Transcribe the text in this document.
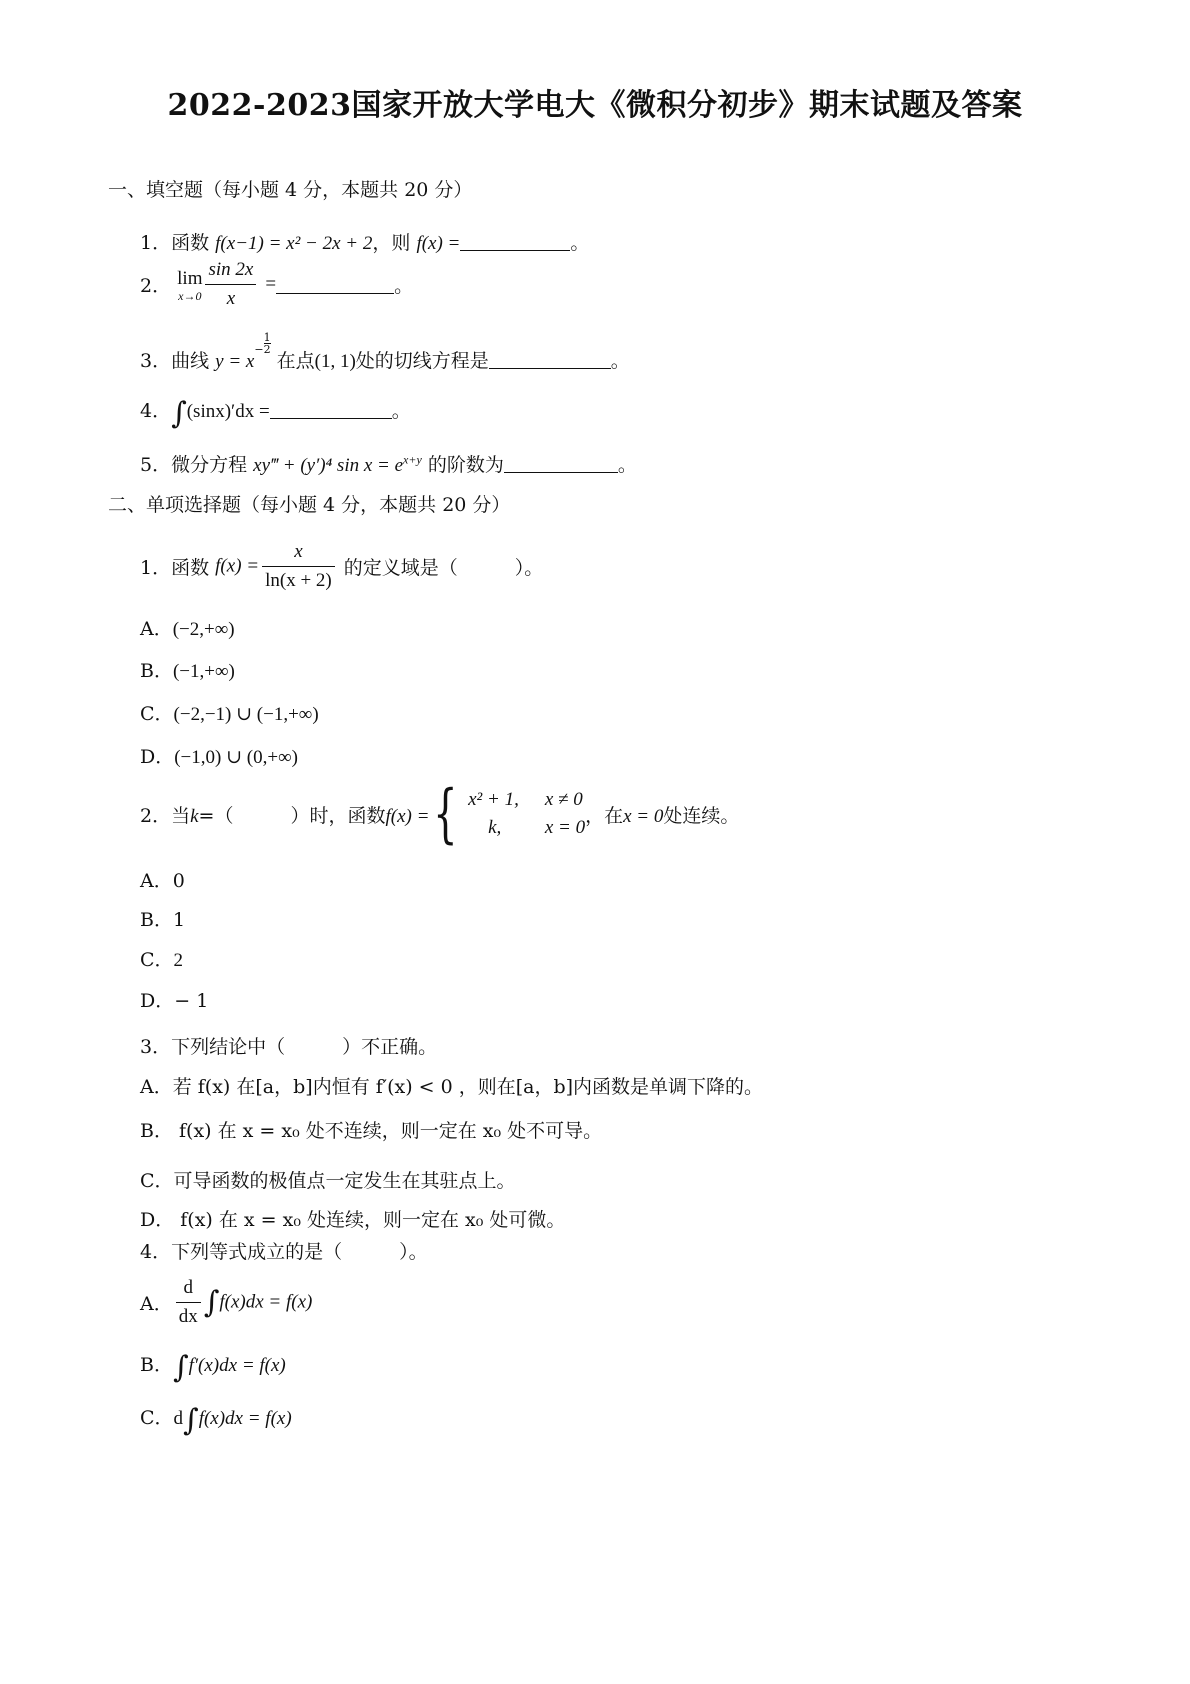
2022-2023国家开放大学电大《微积分初步》期末试题及答案
一、填空题（每小题 4 分，本题共 20 分）
1．函数 f(x−1) = x² − 2x + 2，则 f(x) =	。
2． lim
$x\to 0 \frac{\sin 2x}{x}$ =	。
3．曲线 $y = x- \frac{1}{2}$
在点(1, 1)处的切线方程是	。
4．∫(sinx)′dx =	。
5．微分方程 xy‴ + (y′)⁴ $\sin x = e^{x+y}$ 的阶数为	。
二、单项选择题（每小题 4 分，本题共 20 分）
1．函数 $f(x) = \frac{x}{\ln(x + 2)}$ 的定义域是（　　　）。
A．(−2,+∞)
B．(−1,+∞)
C．(−2,−1) ∪ (−1,+∞)
D．(−1,0) ∪ (0,+∞)
2．当k=（　　　）时，函数f(x) ={ x² + 1, x ≠ 0
k,	x = 0
，在x = 0处连续。
A．0
B．1
C．2
D．− 1
3．下列结论中（　　　）不正确。
A．若 f(x) 在[a，b]内恒有 f′(x) < 0 ，则在[a，b]内函数是单调下降的。
B． f(x) 在 x = x₀ 处不连续，则一定在 x₀ 处不可导。
C．可导函数的极值点一定发生在其驻点上。
D． f(x) 在 x = x₀ 处连续，则一定在 x₀ 处可微。
4．下列等式成立的是（　　　）。
A． $\frac{d}{dx} \int f(x)dx = f(x)$
B．∫f′(x)dx = f(x)
C．d∫f(x)dx = f(x)
